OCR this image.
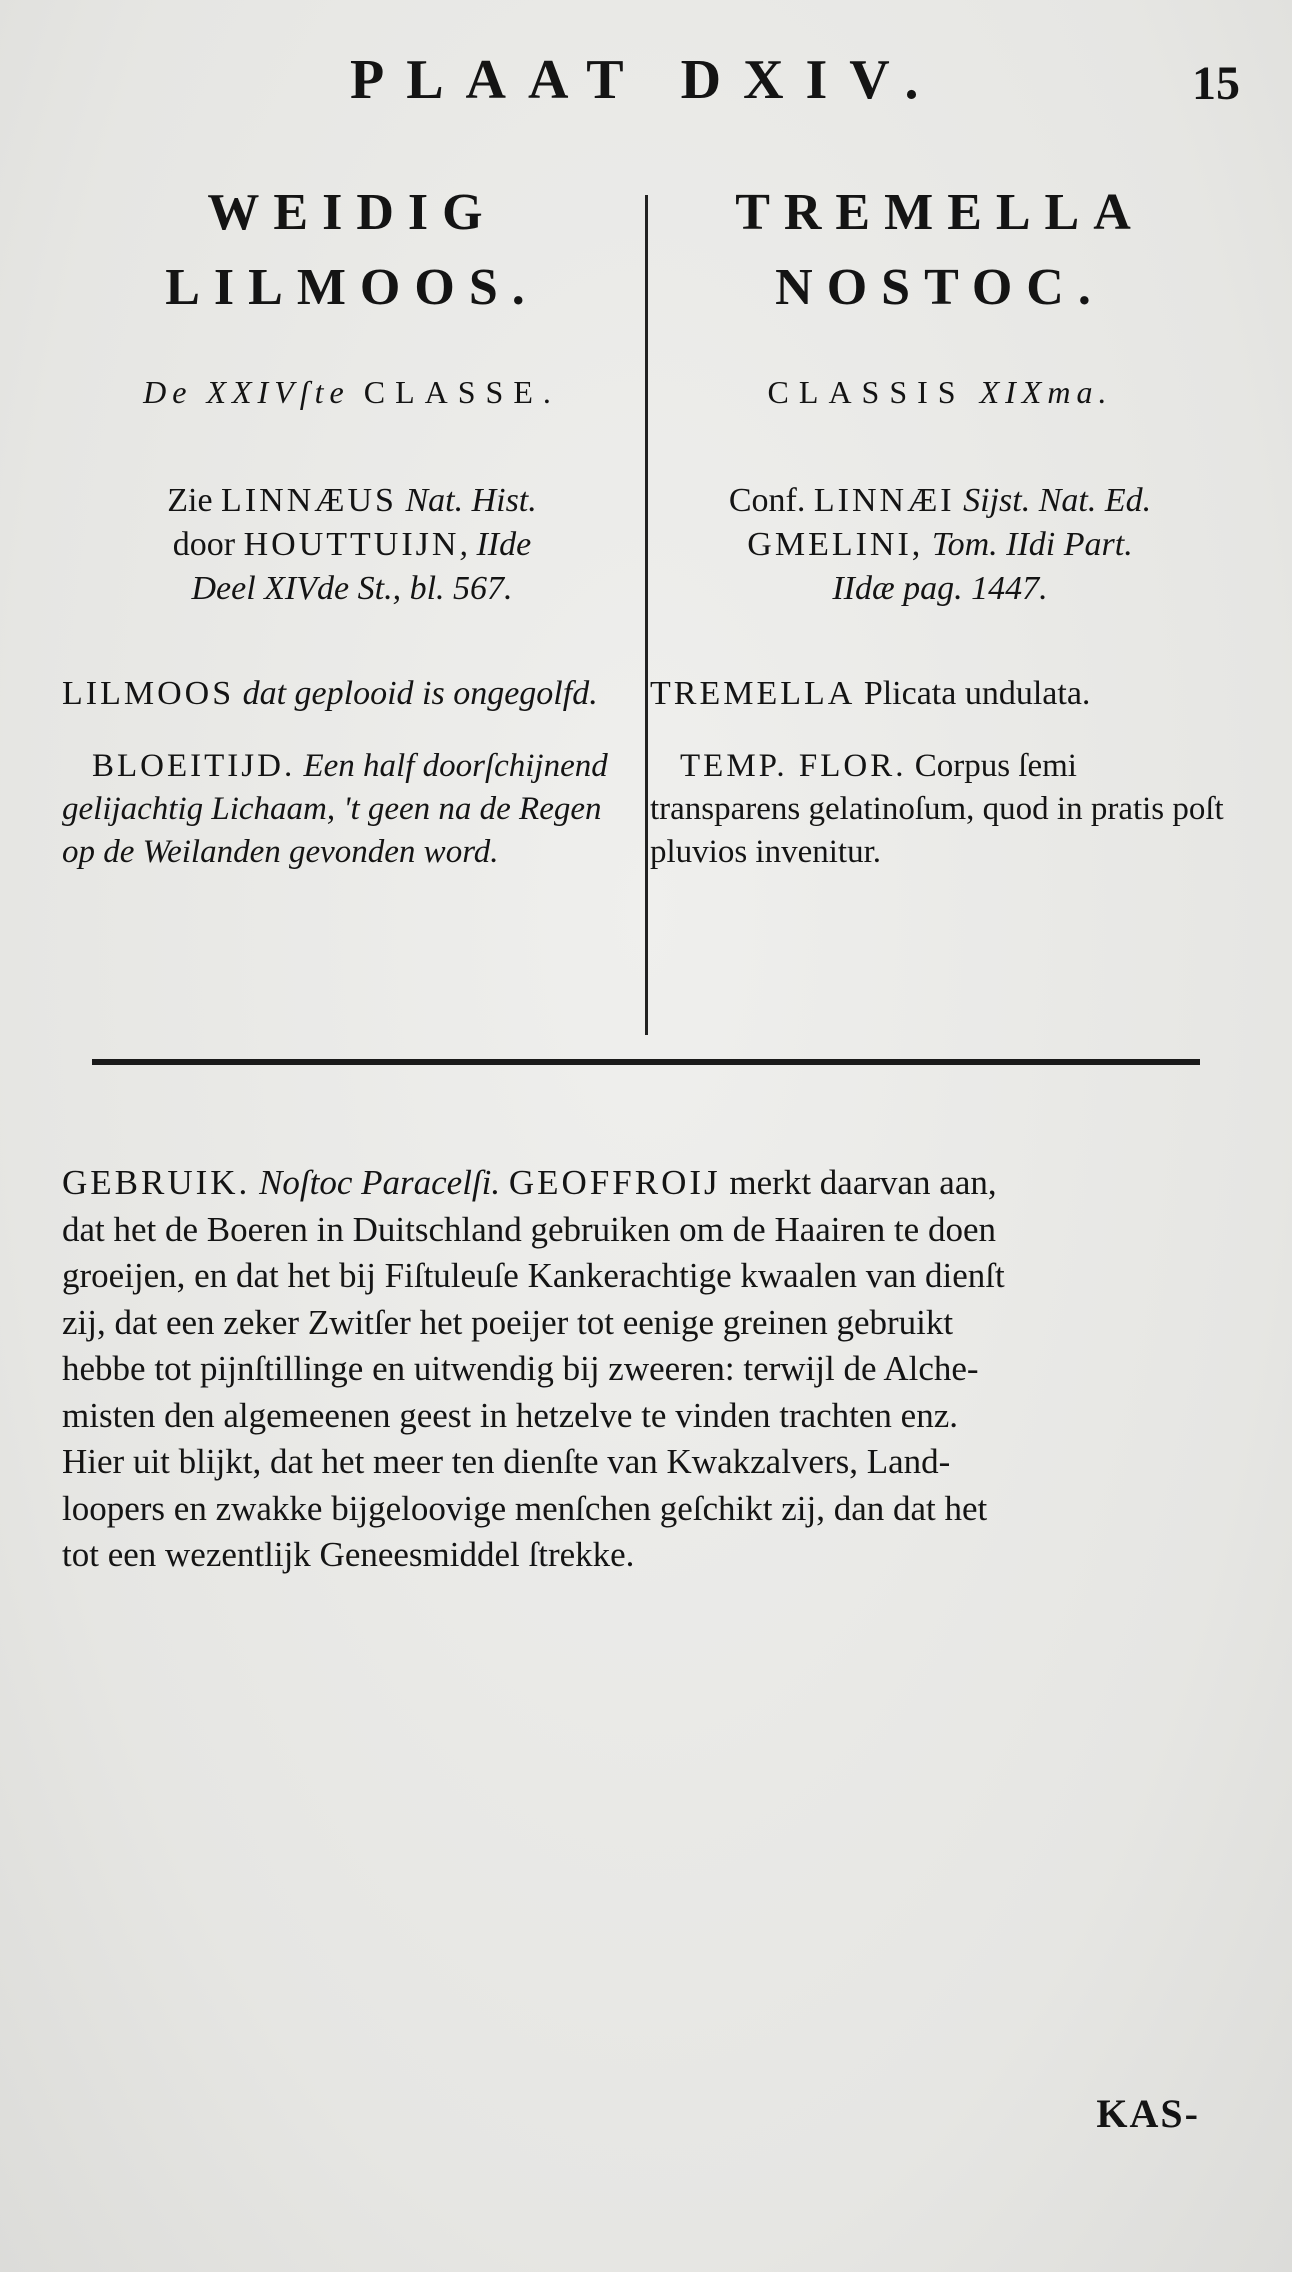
PLAAT DXIV.	15
WEIDIG
LILMOOS.
De XXIVſte CLASSE.
Zie LINNÆUS Nat. Hist.
door HOUTTUIJN, IIde
Deel XIVde St., bl. 567.
LILMOOS dat geplooid is ongegolfd.
BLOEITIJD. Een half doorſchijnend gelijachtig Lichaam, 't geen na de Regen op de Weilanden gevonden word.
TREMELLA
NOSTOC.
CLASSIS XIXma.
Conf. LINNÆI Sijst. Nat. Ed.
GMELINI, Tom. IIdi Part.
IIdæ pag. 1447.
TREMELLA Plicata undulata.
TEMP. FLOR. Corpus ſemi transparens gelatinoſum, quod in pratis poſt pluvios invenitur.
GEBRUIK. Noſtoc Paracelſi. GEOFFROIJ merkt daarvan aan,
dat het de Boeren in Duitschland gebruiken om de Haairen te doen
groeijen, en dat het bij Fiſtuleuſe Kankerachtige kwaalen van dienſt
zij, dat een zeker Zwitſer het poeijer tot eenige greinen gebruikt
hebbe tot pijnſtillinge en uitwendig bij zweeren: terwijl de Alche-
misten den algemeenen geest in hetzelve te vinden trachten enz.
Hier uit blijkt, dat het meer ten dienſte van Kwakzalvers, Land-
loopers en zwakke bijgeloovige menſchen geſchikt zij, dan dat het
tot een wezentlijk Geneesmiddel ſtrekke.
KAS-
